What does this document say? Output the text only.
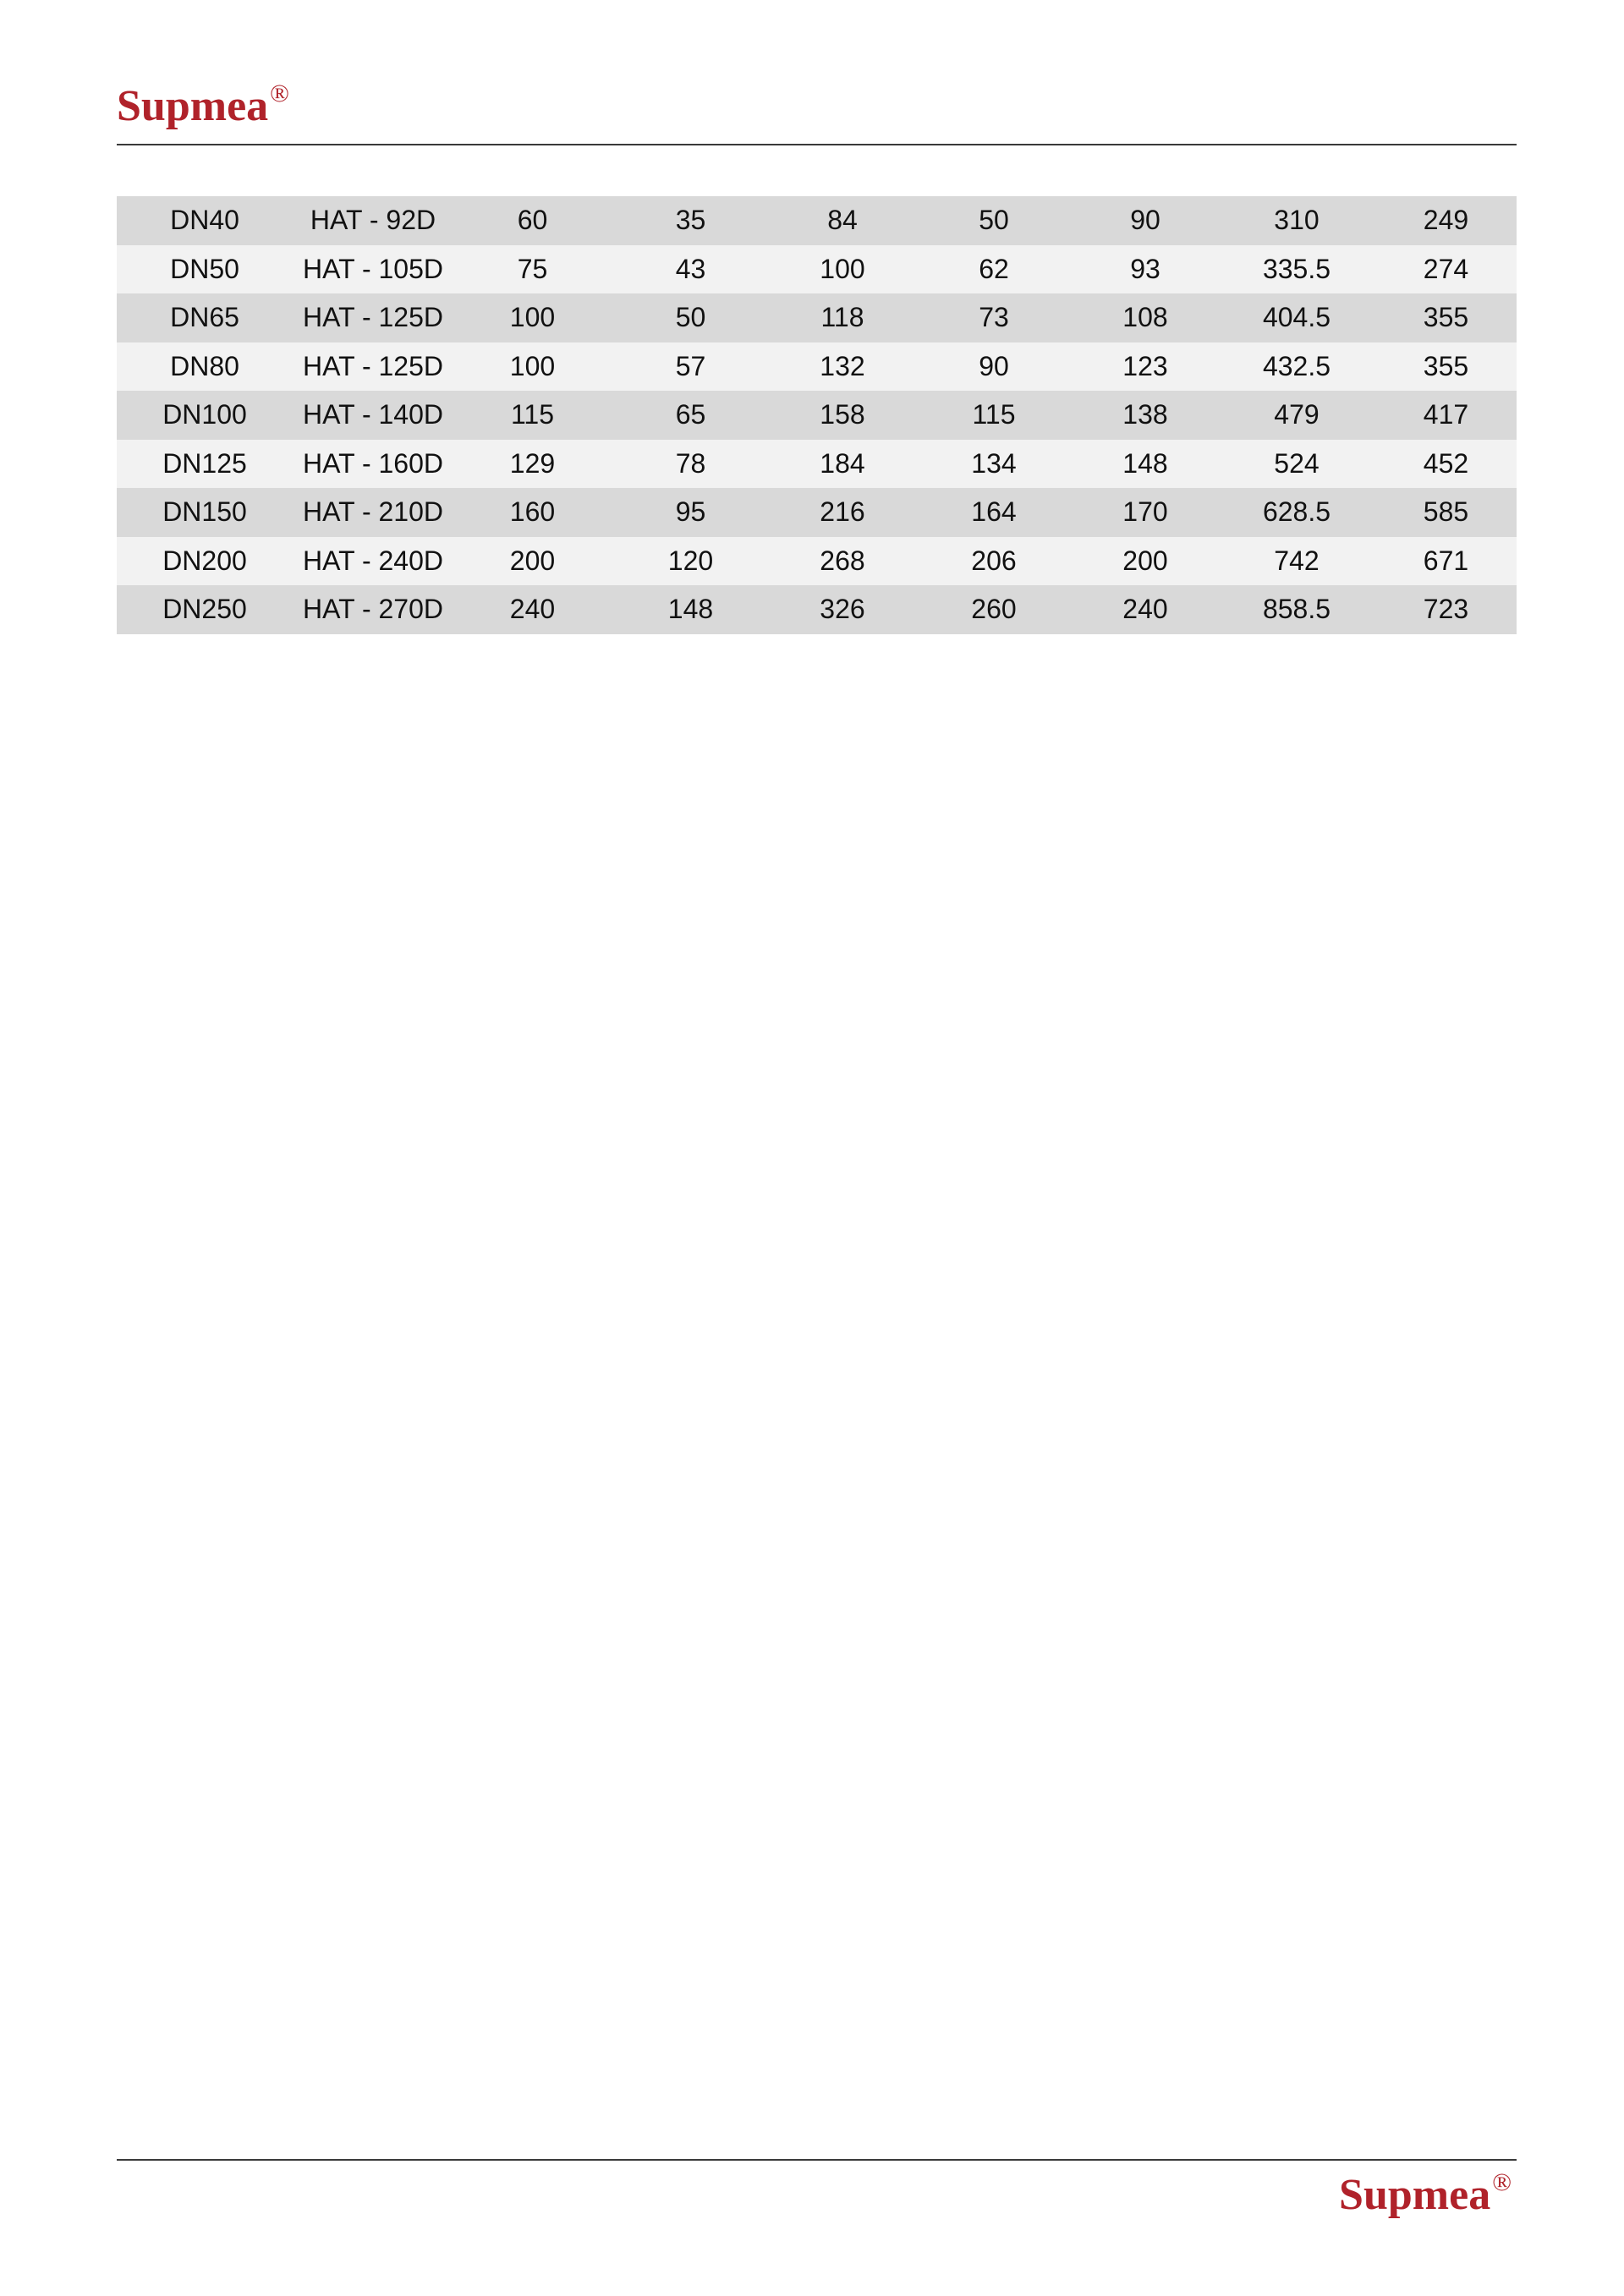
Supmea®
DN40	HAT - 92D	60	35	84	50	90	310	249
DN50	HAT - 105D	75	43	100	62	93	335.5	274
DN65	HAT - 125D	100	50	118	73	108	404.5	355
DN80	HAT - 125D	100	57	132	90	123	432.5	355
DN100	HAT - 140D	115	65	158	115	138	479	417
DN125	HAT - 160D	129	78	184	134	148	524	452
DN150	HAT - 210D	160	95	216	164	170	628.5	585
DN200	HAT - 240D	200	120	268	206	200	742	671
DN250	HAT - 270D	240	148	326	260	240	858.5	723
Supmea®
